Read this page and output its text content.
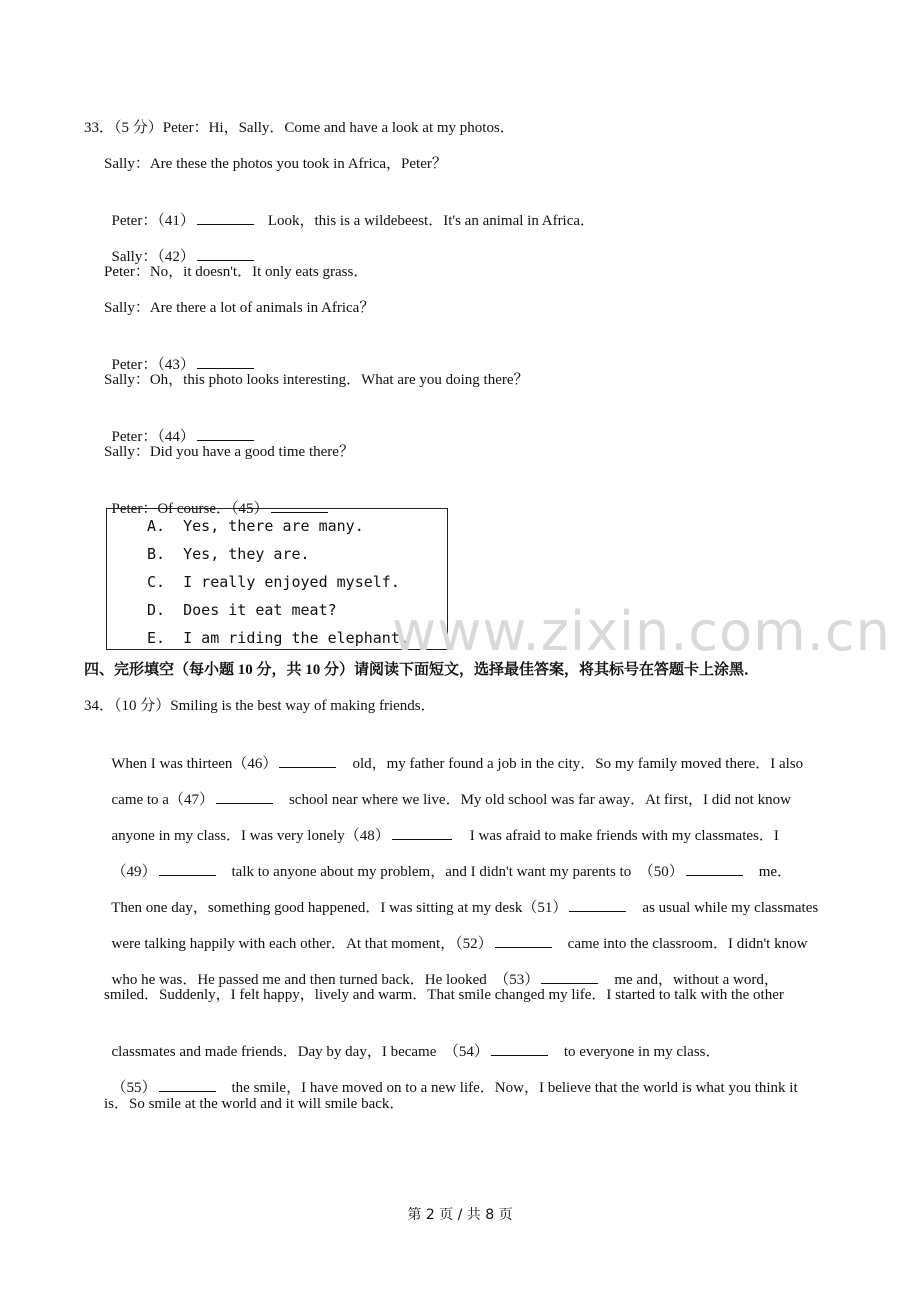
33．（5 分）Peter：Hi，Sally．Come and have a look at my photos．
Sally：Are these the photos you took in Africa，Peter？

Peter：（41）	Look，this is a wildebeest．It's an animal in Africa．

Sally：（42）

Peter：No，it doesn't．It only eats grass．
Sally：Are there a lot of animals in Africa？

Peter：（43）

Sally：Oh，this photo looks interesting．What are you doing there？

Peter：（44）

Sally：Did you have a good time there？

Peter：Of course．（45）

A.  Yes, there are many.
B.  Yes, they are.
C.  I really enjoyed myself.
D.  Does it eat meat?
E.  I am riding the elephant.
www.zixin.com.cn
四、完形填空（每小题 10 分，共 10 分）请阅读下面短文，选择最佳答案，将其标号在答题卡上涂黑．
34．（10 分）Smiling is the best way of making friends．

When I was thirteen（46）	old，my father found a job in the city．So my family moved there．I also

came to a（47）	school near where we live．My old school was far away．At first，I did not know

anyone in my class．I was very lonely（48）	I was afraid to make friends with my classmates．I

（49）	talk to anyone about my problem，and I didn't want my parents to  （50）	me．

Then one day，something good happened．I was sitting at my desk（51）	as usual while my classmates

were talking happily with each other．At that moment，（52）	came into the classroom．I didn't know

who he was．He passed me and then turned back．He looked  （53）	me and，without a word，

smiled．Suddenly，I felt happy，lively and warm．That smile changed my life．I started to talk with the other

classmates and made friends．Day by day，I became  （54）	to everyone in my class．

（55）	the smile，I have moved on to a new life．Now，I believe that the world is what you think it

is．So smile at the world and it will smile back．
第 2 页 / 共 8 页
